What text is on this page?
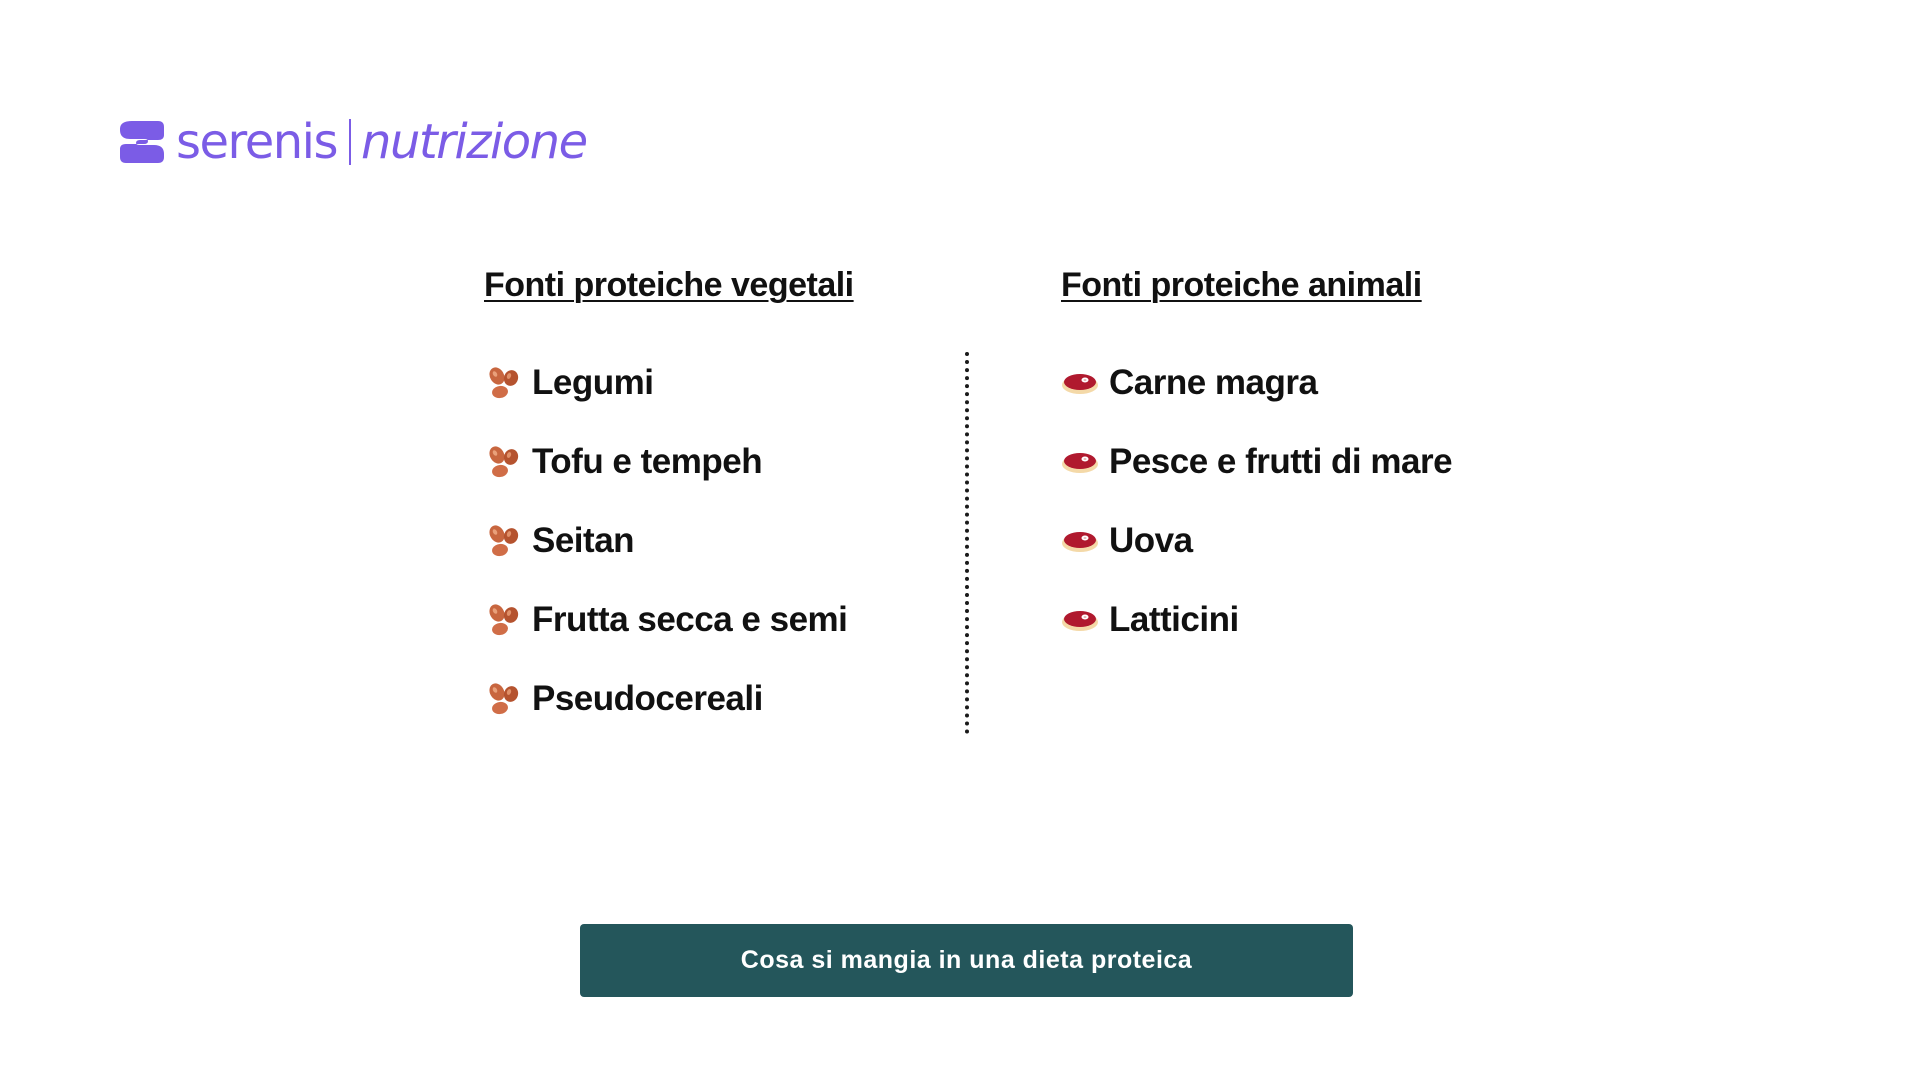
serenis nutrizione
Fonti proteiche vegetali
Legumi
Tofu e tempeh
Seitan
Frutta secca e semi
Pseudocereali
Fonti proteiche animali
Carne magra
Pesce e frutti di mare
Uova
Latticini
Cosa si mangia in una dieta proteica
